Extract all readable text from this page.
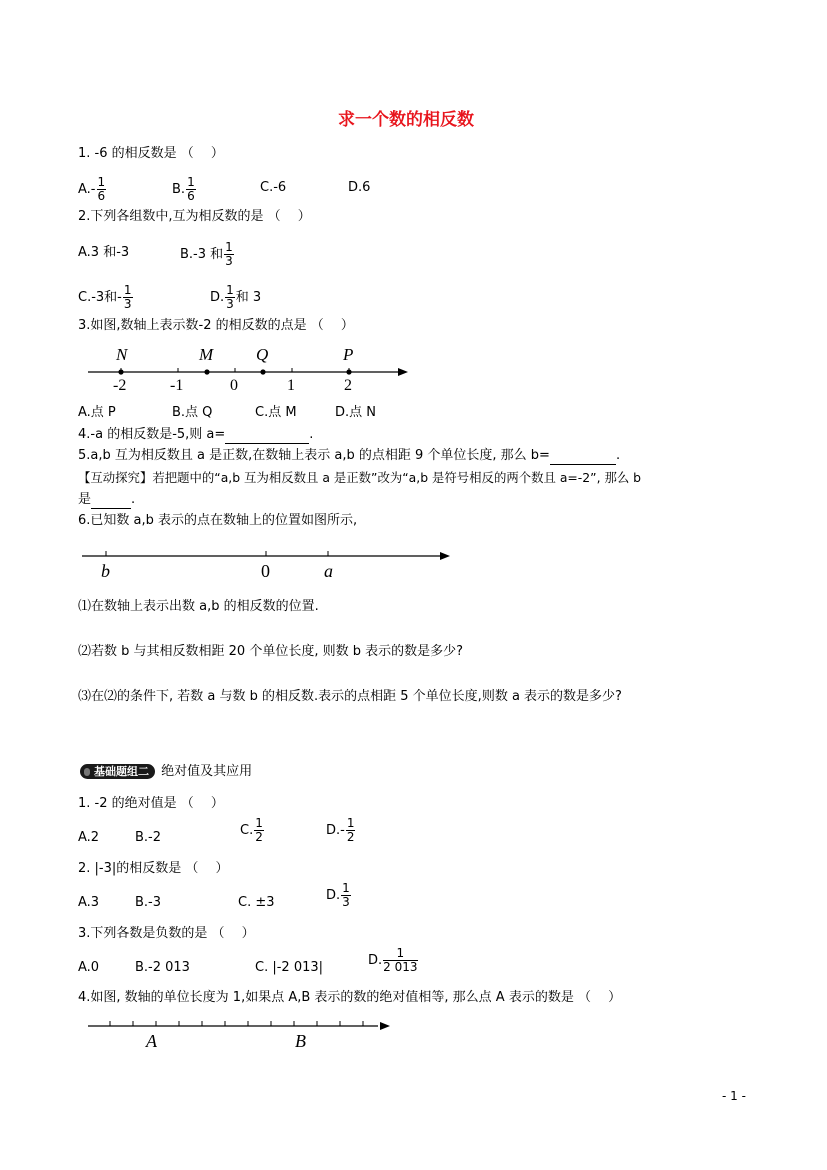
求一个数的相反数
1. -6 的相反数是 （　 ）
$A.- \frac{1}{6}$	B. $\frac{1}{6}$	C.-6	D.6
2.下列各组数中,互为相反数的是 （　 ）
A.3 和-3	B.-3 和 $\frac{1}{3}$
C.-3和- $\frac{1}{3}$	D. $\frac{1}{3}$ 和 3
3.如图,数轴上表示数-2 的相反数的点是 （　 ）
N	M	Q	P
-2	-1	0	1	2
A.点 P	B.点 Q	C.点 M	D.点 N
4.-a 的相反数是-5,则 a=	.
5.a,b 互为相反数且 a 是正数,在数轴上表示 a,b 的点相距 9 个单位长度, 那么 b=	.
【互动探究】若把题中的“a,b 互为相反数且 a 是正数”改为“a,b 是符号相反的两个数且 a=-2”, 那么 b
是	.
6.已知数 a,b 表示的点在数轴上的位置如图所示,
b	0	a
⑴在数轴上表示出数 a,b 的相反数的位置.
⑵若数 b 与其相反数相距 20 个单位长度, 则数 b 表示的数是多少?
⑶在⑵的条件下, 若数 a 与数 b 的相反数.表示的点相距 5 个单位长度,则数 a 表示的数是多少?
基础题组二 绝对值及其应用
1. -2 的绝对值是 （　 ）
A.2	B.-2	C. $\frac{1}{2}$	$D.- \frac{1}{2}$
2. |-3|的相反数是 （　 ）
A.3	B.-3	C. ±3	D. $\frac{1}{3}$
3.下列各数是负数的是 （　 ）
A.0	B.-2 013	C. |-2 013|	D. $\frac{1}{2 013}$
4.如图, 数轴的单位长度为 1,如果点 A,B 表示的数的绝对值相等, 那么点 A 表示的数是 （　 ）
A	B
- 1 -
